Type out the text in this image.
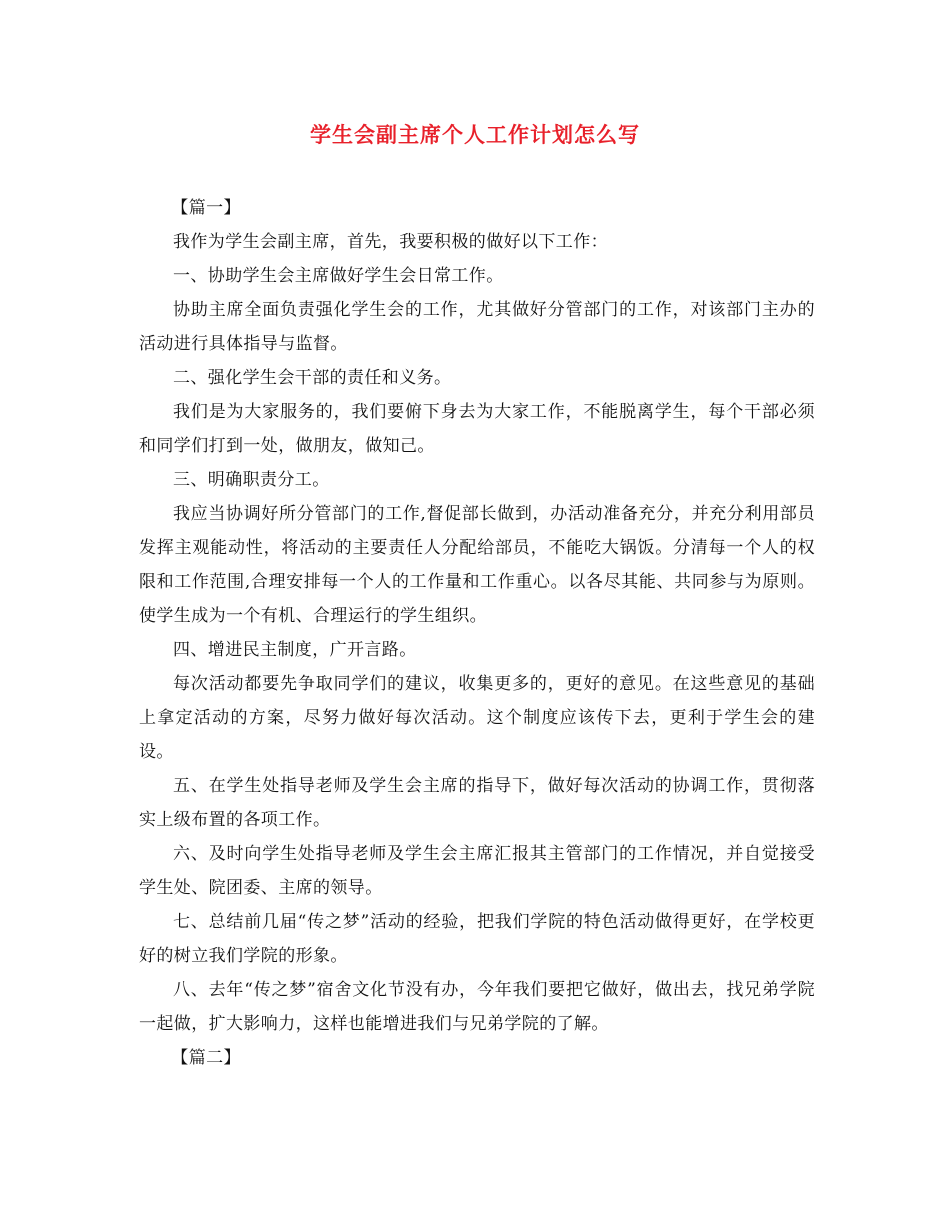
学生会副主席个人工作计划怎么写

【篇一】

我作为学生会副主席，首先，我要积极的做好以下工作：

一、协助学生会主席做好学生会日常工作。

协助主席全面负责强化学生会的工作，尤其做好分管部门的工作，对该部门主办的活动进行具体指导与监督。

二、强化学生会干部的责任和义务。

我们是为大家服务的，我们要俯下身去为大家工作，不能脱离学生，每个干部必须和同学们打到一处，做朋友，做知己。

三、明确职责分工。

我应当协调好所分管部门的工作,督促部长做到，办活动准备充分，并充分利用部员发挥主观能动性，将活动的主要责任人分配给部员，不能吃大锅饭。分清每一个人的权限和工作范围,合理安排每一个人的工作量和工作重心。以各尽其能、共同参与为原则。使学生成为一个有机、合理运行的学生组织。

四、增进民主制度，广开言路。

每次活动都要先争取同学们的建议，收集更多的，更好的意见。在这些意见的基础上拿定活动的方案，尽努力做好每次活动。这个制度应该传下去，更利于学生会的建设。

五、在学生处指导老师及学生会主席的指导下，做好每次活动的协调工作，贯彻落实上级布置的各项工作。

六、及时向学生处指导老师及学生会主席汇报其主管部门的工作情况，并自觉接受学生处、院团委、主席的领导。

七、总结前几届“传之梦”活动的经验，把我们学院的特色活动做得更好，在学校更好的树立我们学院的形象。

八、去年“传之梦”宿舍文化节没有办，今年我们要把它做好，做出去，找兄弟学院一起做，扩大影响力，这样也能增进我们与兄弟学院的了解。

【篇二】
